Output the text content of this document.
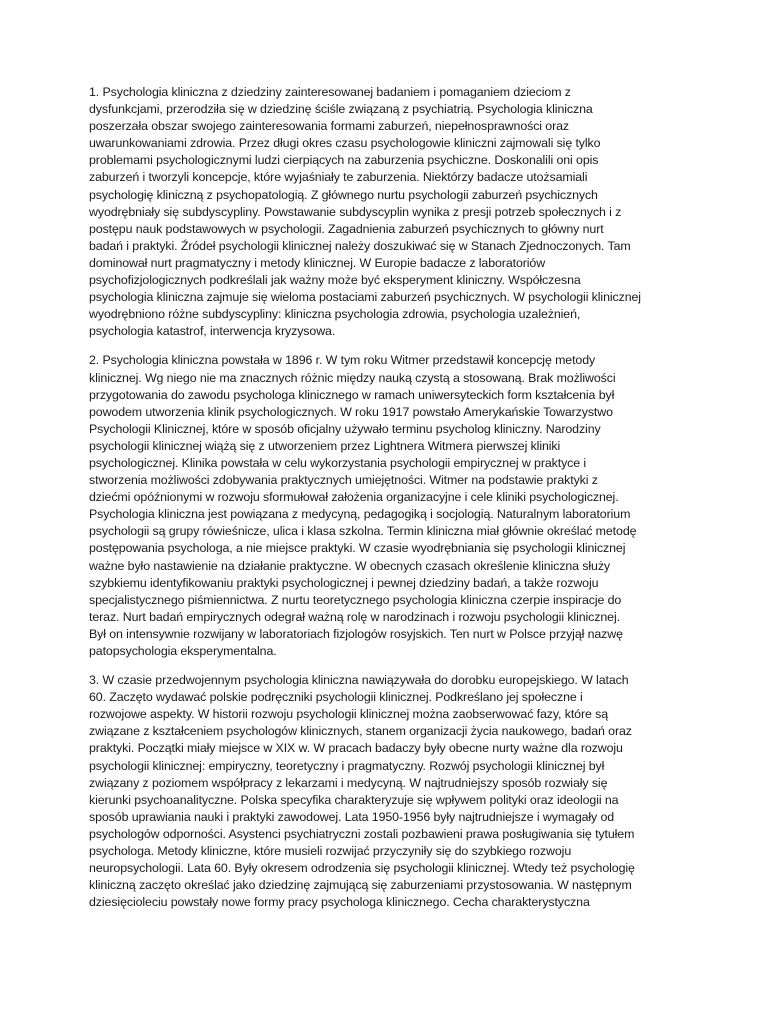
1. Psychologia kliniczna z dziedziny zainteresowanej badaniem i pomaganiem dzieciom z
dysfunkcjami, przerodziła się w dziedzinę ściśle związaną z psychiatrią. Psychologia kliniczna
poszerzała obszar swojego zainteresowania formami zaburzeń, niepełnosprawności oraz
uwarunkowaniami zdrowia. Przez długi okres czasu psychologowie kliniczni zajmowali się tylko
problemami psychologicznymi ludzi cierpiących na zaburzenia psychiczne. Doskonalili oni opis
zaburzeń i tworzyli koncepcje, które wyjaśniały te zaburzenia. Niektórzy badacze utożsamiali
psychologię kliniczną z psychopatologią. Z głównego nurtu psychologii zaburzeń psychicznych
wyodrębniały się subdyscypliny. Powstawanie subdyscyplin wynika z presji potrzeb społecznych i z
postępu nauk podstawowych w psychologii. Zagadnienia zaburzeń psychicznych to główny nurt
badań i praktyki. Źródeł psychologii klinicznej należy doszukiwać się w Stanach Zjednoczonych. Tam
dominował nurt pragmatyczny i metody klinicznej. W Europie badacze z laboratoriów
psychofizjologicznych podkreślali jak ważny może być eksperyment kliniczny. Współczesna
psychologia kliniczna zajmuje się wieloma postaciami zaburzeń psychicznych. W psychologii klinicznej
wyodrębniono różne subdyscypliny: kliniczna psychologia zdrowia, psychologia uzależnień,
psychologia katastrof, interwencja kryzysowa.
2. Psychologia kliniczna powstała w 1896 r. W tym roku Witmer przedstawił koncepcję metody
klinicznej. Wg niego nie ma znacznych różnic między nauką czystą a stosowaną. Brak możliwości
przygotowania do zawodu psychologa klinicznego w ramach uniwersyteckich form kształcenia był
powodem utworzenia klinik psychologicznych. W roku 1917 powstało Amerykańskie Towarzystwo
Psychologii Klinicznej, które w sposób oficjalny używało terminu psycholog kliniczny. Narodziny
psychologii klinicznej wiążą się z utworzeniem przez Lightnera Witmera pierwszej kliniki
psychologicznej. Klinika powstała w celu wykorzystania psychologii empirycznej w praktyce i
stworzenia możliwości zdobywania praktycznych umiejętności. Witmer na podstawie praktyki z
dziećmi opóźnionymi w rozwoju sformułował założenia organizacyjne i cele kliniki psychologicznej.
Psychologia kliniczna jest powiązana z medycyną, pedagogiką i socjologią. Naturalnym laboratorium
psychologii są grupy rówieśnicze, ulica i klasa szkolna. Termin kliniczna miał głównie określać metodę
postępowania psychologa, a nie miejsce praktyki. W czasie wyodrębniania się psychologii klinicznej
ważne było nastawienie na działanie praktyczne. W obecnych czasach określenie kliniczna służy
szybkiemu identyfikowaniu praktyki psychologicznej i pewnej dziedziny badań, a także rozwoju
specjalistycznego piśmiennictwa. Z nurtu teoretycznego psychologia kliniczna czerpie inspiracje do
teraz. Nurt badań empirycznych odegrał ważną rolę w narodzinach i rozwoju psychologii klinicznej.
Był on intensywnie rozwijany w laboratoriach fizjologów rosyjskich. Ten nurt w Polsce przyjął nazwę
patopsychologia eksperymentalna.
3. W czasie przedwojennym psychologia kliniczna nawiązywała do dorobku europejskiego. W latach
60. Zaczęto wydawać polskie podręczniki psychologii klinicznej. Podkreślano jej społeczne i
rozwojowe aspekty. W historii rozwoju psychologii klinicznej można zaobserwować fazy, które są
związane z kształceniem psychologów klinicznych, stanem organizacji życia naukowego, badań oraz
praktyki. Początki miały miejsce w XIX w. W pracach badaczy były obecne nurty ważne dla rozwoju
psychologii klinicznej: empiryczny, teoretyczny i pragmatyczny. Rozwój psychologii klinicznej był
związany z poziomem współpracy z lekarzami i medycyną. W najtrudniejszy sposób rozwiały się
kierunki psychoanalityczne. Polska specyfika charakteryzuje się wpływem polityki oraz ideologii na
sposób uprawiania nauki i praktyki zawodowej. Lata 1950-1956 były najtrudniejsze i wymagały od
psychologów odporności. Asystenci psychiatryczni zostali pozbawieni prawa posługiwania się tytułem
psychologa. Metody kliniczne, które musieli rozwijać przyczyniły się do szybkiego rozwoju
neuropsychologii. Lata 60. Były okresem odrodzenia się psychologii klinicznej. Wtedy też psychologię
kliniczną zaczęto określać jako dziedzinę zajmującą się zaburzeniami przystosowania. W następnym
dziesięcioleciu powstały nowe formy pracy psychologa klinicznego. Cecha charakterystyczna
